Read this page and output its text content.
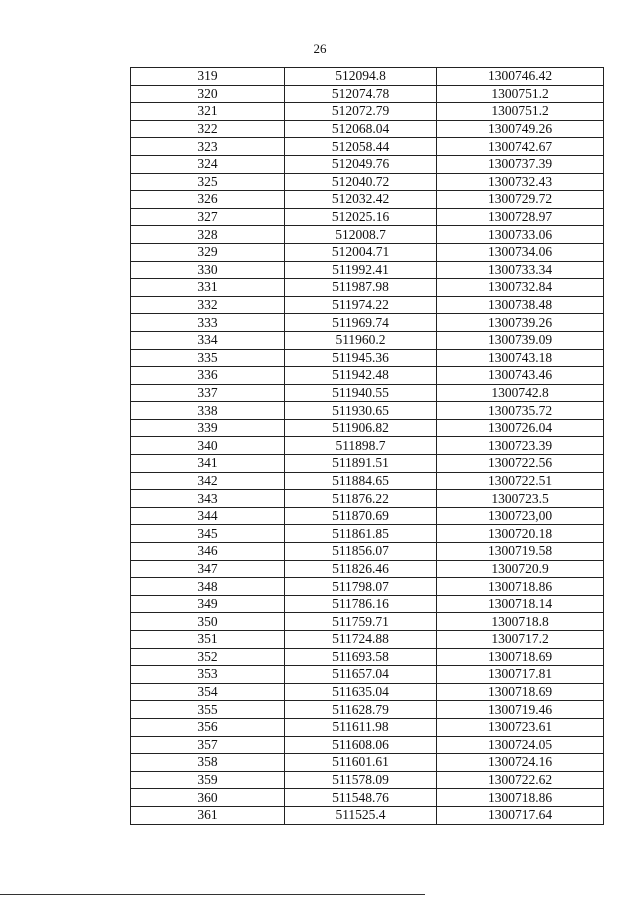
26
319	512094.8	1300746.42
320	512074.78	1300751.2
321	512072.79	1300751.2
322	512068.04	1300749.26
323	512058.44	1300742.67
324	512049.76	1300737.39
325	512040.72	1300732.43
326	512032.42	1300729.72
327	512025.16	1300728.97
328	512008.7	1300733.06
329	512004.71	1300734.06
330	511992.41	1300733.34
331	511987.98	1300732.84
332	511974.22	1300738.48
333	511969.74	1300739.26
334	511960.2	1300739.09
335	511945.36	1300743.18
336	511942.48	1300743.46
337	511940.55	1300742.8
338	511930.65	1300735.72
339	511906.82	1300726.04
340	511898.7	1300723.39
341	511891.51	1300722.56
342	511884.65	1300722.51
343	511876.22	1300723.5
344	511870.69	1300723,00
345	511861.85	1300720.18
346	511856.07	1300719.58
347	511826.46	1300720.9
348	511798.07	1300718.86
349	511786.16	1300718.14
350	511759.71	1300718.8
351	511724.88	1300717.2
352	511693.58	1300718.69
353	511657.04	1300717.81
354	511635.04	1300718.69
355	511628.79	1300719.46
356	511611.98	1300723.61
357	511608.06	1300724.05
358	511601.61	1300724.16
359	511578.09	1300722.62
360	511548.76	1300718.86
361	511525.4	1300717.64
